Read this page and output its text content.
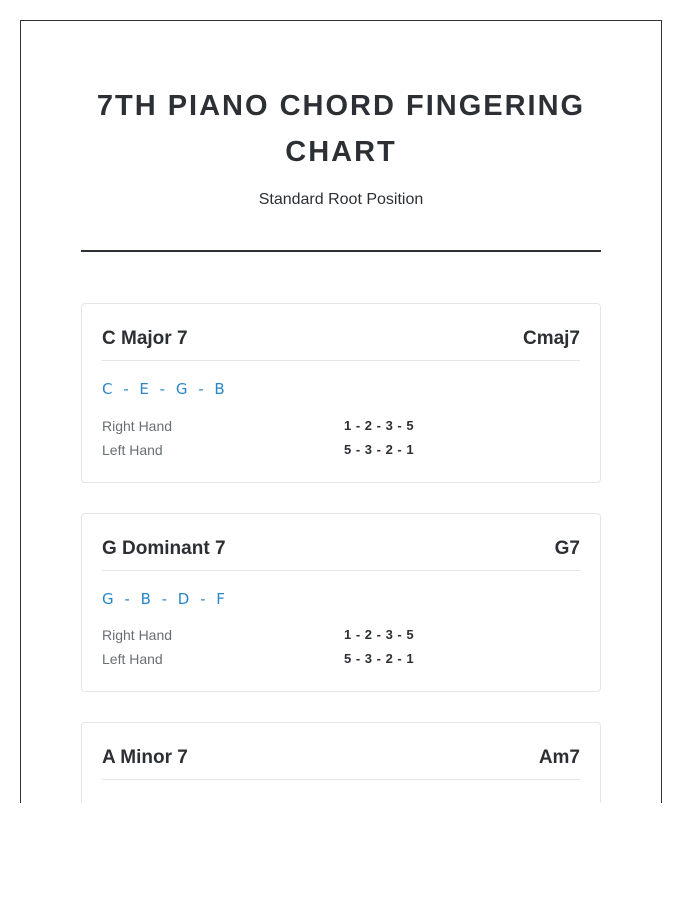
7TH PIANO CHORD FINGERING CHART
Standard Root Position
C Major 7	Cmaj7
C - E - G - B
Right Hand	1 - 2 - 3 - 5
Left Hand	5 - 3 - 2 - 1
G Dominant 7	G7
G - B - D - F
Right Hand	1 - 2 - 3 - 5
Left Hand	5 - 3 - 2 - 1
A Minor 7	Am7
